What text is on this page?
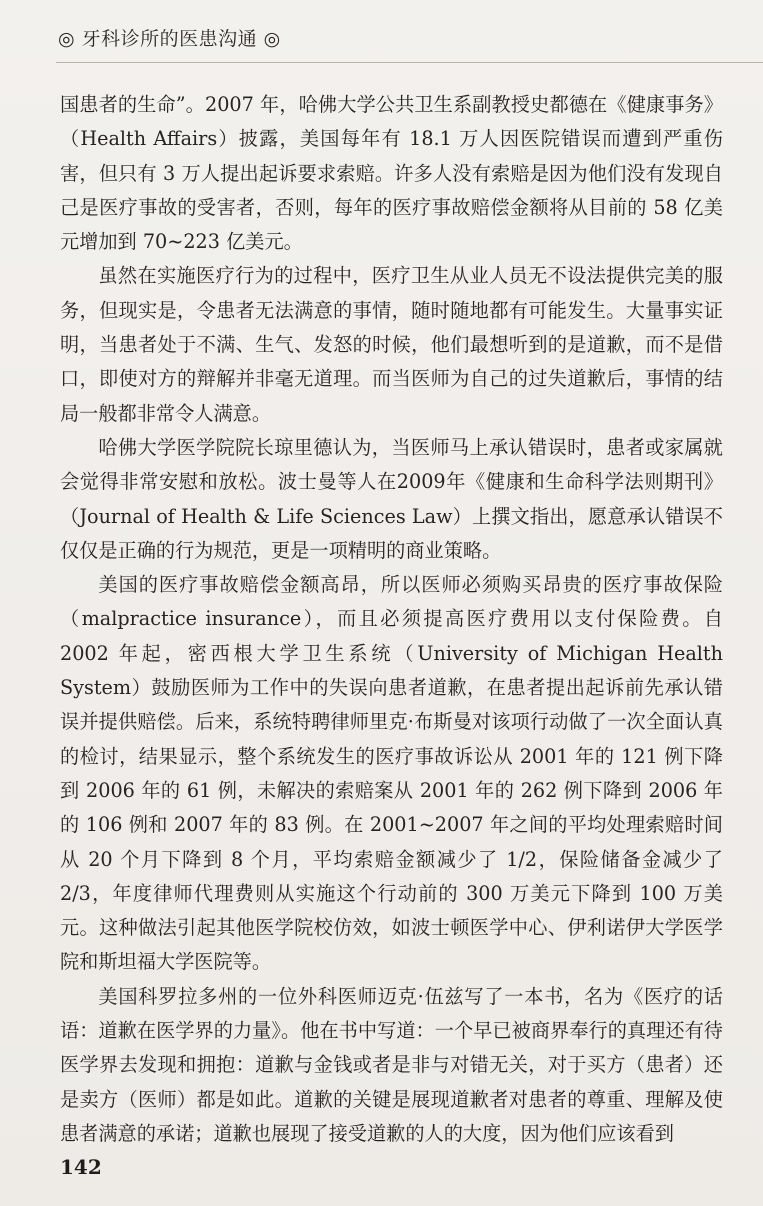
◎ 牙科诊所的医患沟通 ◎

国患者的生命”。2007 年，哈佛大学公共卫生系副教授史都德在《健康事务》（Health Affairs）披露，美国每年有 18.1 万人因医院错误而遭到严重伤害，但只有 3 万人提出起诉要求索赔。许多人没有索赔是因为他们没有发现自己是医疗事故的受害者，否则，每年的医疗事故赔偿金额将从目前的 58 亿美元增加到 70~223 亿美元。

虽然在实施医疗行为的过程中，医疗卫生从业人员无不设法提供完美的服务，但现实是，令患者无法满意的事情，随时随地都有可能发生。大量事实证明，当患者处于不满、生气、发怒的时候，他们最想听到的是道歉，而不是借口，即使对方的辩解并非毫无道理。而当医师为自己的过失道歉后，事情的结局一般都非常令人满意。

哈佛大学医学院院长琼里德认为，当医师马上承认错误时，患者或家属就会觉得非常安慰和放松。波士曼等人在2009年《健康和生命科学法则期刊》（Journal of Health & Life Sciences Law）上撰文指出，愿意承认错误不仅仅是正确的行为规范，更是一项精明的商业策略。

美国的医疗事故赔偿金额高昂，所以医师必须购买昂贵的医疗事故保险（malpractice insurance），而且必须提高医疗费用以支付保险费。自 2002 年起，密西根大学卫生系统（University of Michigan Health System）鼓励医师为工作中的失误向患者道歉，在患者提出起诉前先承认错误并提供赔偿。后来，系统特聘律师里克·布斯曼对该项行动做了一次全面认真的检讨，结果显示，整个系统发生的医疗事故诉讼从 2001 年的 121 例下降到 2006 年的 61 例，未解决的索赔案从 2001 年的 262 例下降到 2006 年的 106 例和 2007 年的 83 例。在 2001~2007 年之间的平均处理索赔时间从 20 个月下降到 8 个月，平均索赔金额减少了 1/2，保险储备金减少了 2/3，年度律师代理费则从实施这个行动前的 300 万美元下降到 100 万美元。这种做法引起其他医学院校仿效，如波士顿医学中心、伊利诺伊大学医学院和斯坦福大学医院等。

美国科罗拉多州的一位外科医师迈克·伍兹写了一本书，名为《医疗的话语：道歉在医学界的力量》。他在书中写道：一个早已被商界奉行的真理还有待医学界去发现和拥抱：道歉与金钱或者是非与对错无关，对于买方（患者）还是卖方（医师）都是如此。道歉的关键是展现道歉者对患者的尊重、理解及使患者满意的承诺；道歉也展现了接受道歉的人的大度，因为他们应该看到

142
